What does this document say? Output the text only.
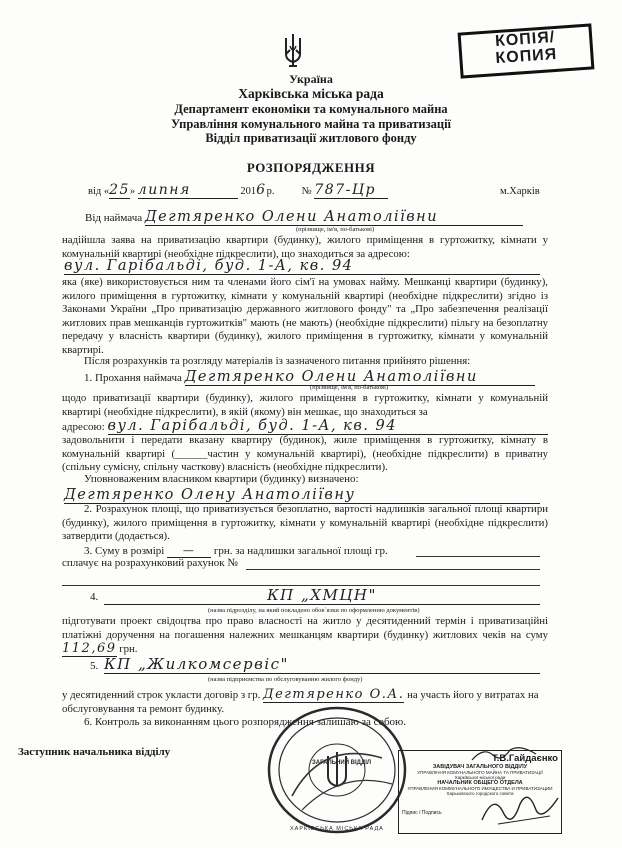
КОПІЯ/
КОПИЯ
Україна
Харківська міська рада
Департамент економіки та комунального майна
Управління комунального майна та приватизації
Відділ приватизації житлового фонду
РОЗПОРЯДЖЕННЯ
від «25» липня	2016р.	№ 787-Цр	м.Харків
Від наймача Дегтяренко Олени Анатоліївни
(прізвище, ім'я, по-батькові)
надійшла заява на приватизацію квартири (будинку), жилого приміщення в гуртожитку, кімнати у комунальній квартирі (необхідне підкреслити), що знаходиться за адресою:
вул. Гарібальді, буд. 1-А, кв. 94
яка (яке) використовується ним та членами його сім'ї на умовах найму. Мешканці квартири (будинку), жилого приміщення в гуртожитку, кімнати у комунальній квартирі (необхідне підкреслити) згідно із Законами України „Про приватизацію державного житлового фонду" та „Про забезпечення реалізації житлових прав мешканців гуртожитків" мають (не мають) (необхідне підкреслити) пільгу на безоплатну передачу у власність квартири (будинку), жилого приміщення в гуртожитку, кімнати у комунальній квартирі.
Після розрахунків та розгляду матеріалів із зазначеного питання прийнято рішення:
1. Прохання наймача Дегтяренко Олени Анатоліївни
(прізвище, ім'я, по-батькові)
щодо приватизації квартири (будинку), жилого приміщення в гуртожитку, кімнати у комунальній квартирі (необхідне підкреслити), в якій (якому) він мешкає, що знаходиться за
адресою: вул. Гарібальді, буд. 1-А, кв. 94
задовольнити і передати вказану квартиру (будинок), жиле приміщення в гуртожитку, кімнату в комунальній квартирі (______частин у комунальній квартирі), (необхідне підкреслити) в приватну (спільну сумісну, спільну часткову) власність (необхідне підкреслити).
Уповноваженим власником квартири (будинку) визначено:
Дегтяренко Олену Анатоліївну
2. Розрахунок площі, що приватизується безоплатно, вартості надлишків загальної площі квартири (будинку), жилого приміщення в гуртожитку, кімнати у комунальній квартирі (необхідне підкреслити) затвердити (додається).
3. Суму в розмірі — грн. за надлишки загальної площі гр.
сплачує на розрахунковий рахунок №
4.	КП „ХМЦН"
(назва підрозділу, на який покладено обов`язки по оформленню документів)
підготувати проект свідоцтва про право власності на житло у десятиденний термін і приватизаційні платіжні доручення на погашення належних мешканцям квартири (будинку) житлових чеків на суму 112,69 грн.
5. КП „Жилкомсервіс"
(назва підприємства по обслуговуванню жилого фонду)
у десятиденний строк укласти договір з гр. Дегтяренко О.А. на участь його у витратах на обслуговування та ремонт будинку.
6. Контроль за виконанням цього розпорядження залишаю за собою.
Заступник начальника відділу
ЗАГАЛЬНИЙ ВІДДІЛ
ХАРКІВСЬКА МІСЬКА РАДА
Т.В.Гайдаєнко
ЗАВІДУВАЧ ЗАГАЛЬНОГО ВІДДІЛУ
УПРАВЛІННЯ КОМУНАЛЬНОГО МАЙНА ТА ПРИВАТИЗАЦІЇ
Харківської міської ради
НАЧАЛЬНИК ОБЩЕГО ОТДЕЛА
УПРАВЛЕНИЯ КОММУНАЛЬНОГО ИМУЩЕСТВА И ПРИВАТИЗАЦИИ
Харьковского городского совета
Підпис / Подпись
